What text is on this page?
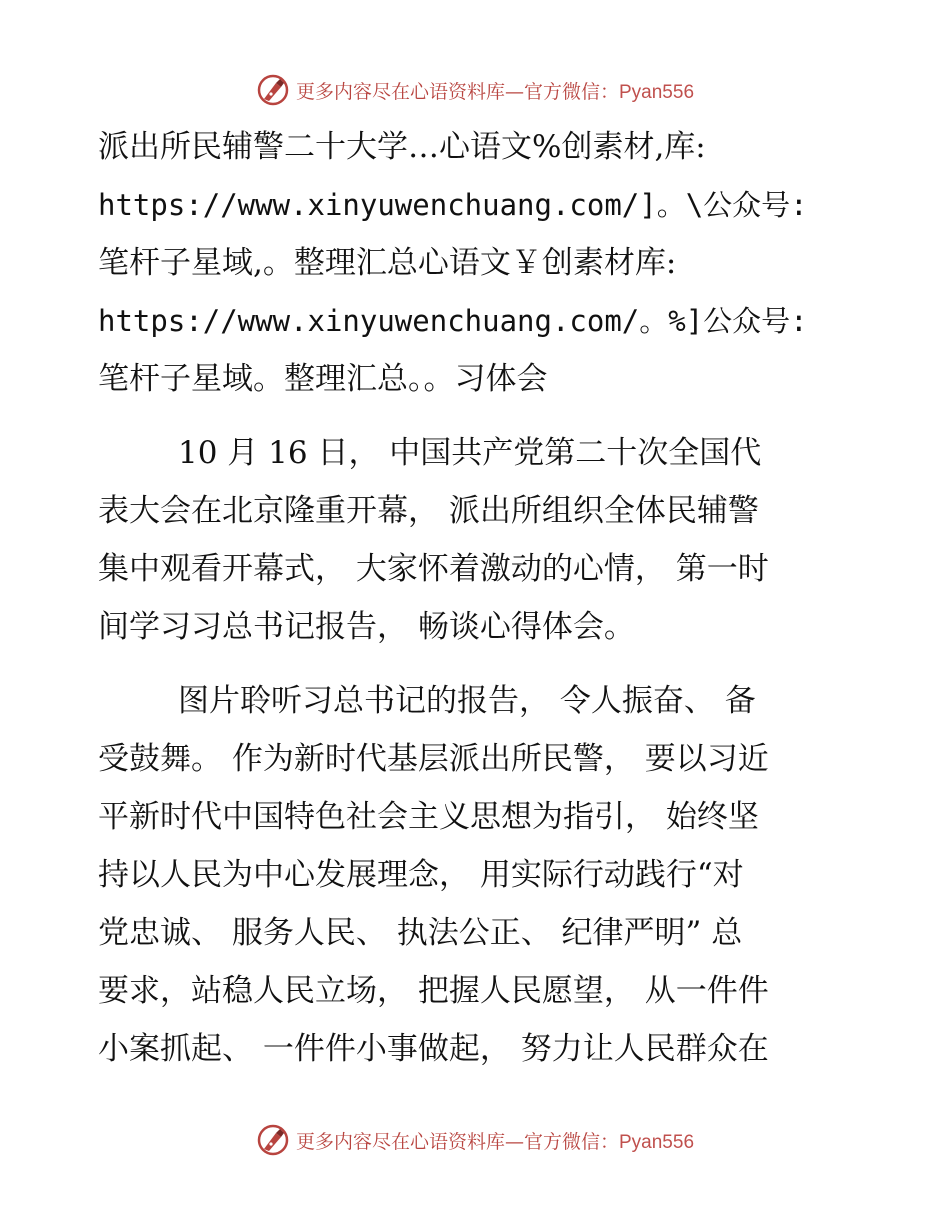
更多内容尽在心语资料库—官方微信：Pyan556
派出所民辅警二十大学…心语文%创素材,库:
https://www.xinyuwenchuang.com/]。\公众号:
笔杆子星域,。整理汇总心语文￥创素材库:
https://www.xinyuwenchuang.com/。%]公众号:
笔杆子星域。整理汇总。。习体会
10 月 16 日， 中国共产党第二十次全国代
表大会在北京隆重开幕， 派出所组织全体民辅警
集中观看开幕式， 大家怀着激动的心情， 第一时
间学习习总书记报告， 畅谈心得体会。
图片聆听习总书记的报告， 令人振奋、 备
受鼓舞。 作为新时代基层派出所民警， 要以习近
平新时代中国特色社会主义思想为指引， 始终坚
持以人民为中心发展理念， 用实际行动践行“对
党忠诚、 服务人民、 执法公正、 纪律严明” 总
要求，站稳人民立场， 把握人民愿望， 从一件件
小案抓起、 一件件小事做起， 努力让人民群众在
更多内容尽在心语资料库—官方微信：Pyan556
